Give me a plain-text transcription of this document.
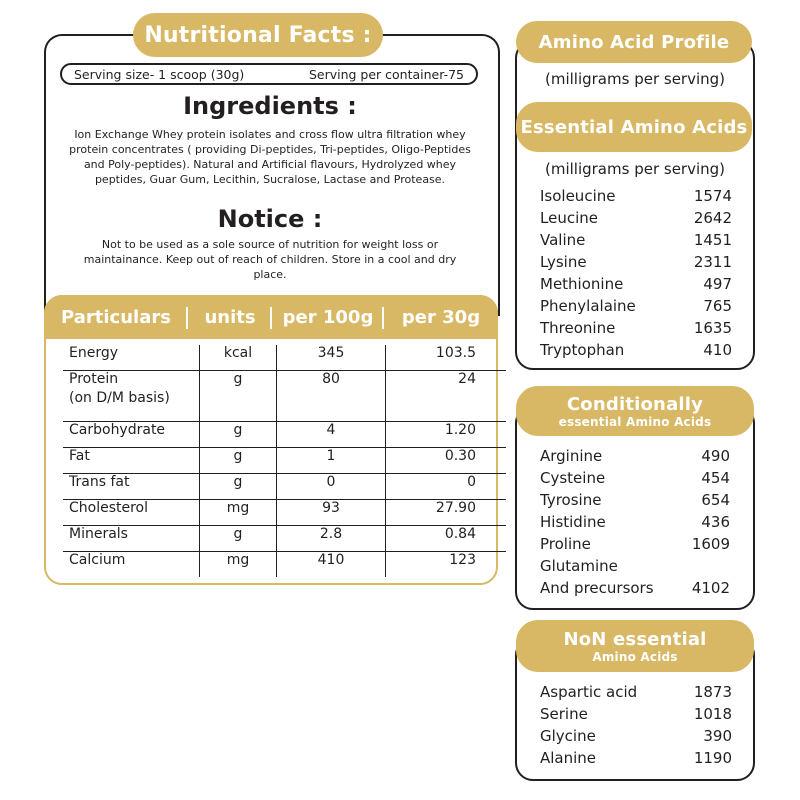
Nutritional Facts :
Serving size- 1 scoop (30g)	Serving per container-75
Ingredients :
Ion Exchange Whey protein isolates and cross flow ultra filtration whey protein concentrates ( providing Di-peptides, Tri-peptides, Oligo-Peptides and Poly-peptides). Natural and Artificial flavours, Hydrolyzed whey peptides, Guar Gum, Lecithin, Sucralose, Lactase and Protease.
Notice :
Not to be used as a sole source of nutrition for weight loss or maintainance. Keep out of reach of children. Store in a cool and dry place.
Particulars units per 100g per 30g
Energy	kcal	345	103.5

Protein
(on D/M basis)	g	80	24
Carbohydrate	g	4	1.20
Fat	g	1	0.30
Trans fat	g	0	0
Cholesterol	mg	93	27.90
Minerals	g	2.8	0.84
Calcium	mg	410	123
Amino Acid Profile
(milligrams per serving)
Essential Amino Acids
(milligrams per serving)
Isoleucine	1574
Leucine	2642
Valine	1451
Lysine	2311
Methionine	497
Phenylalaine	765
Threonine	1635
Tryptophan	410
Conditionally
essential Amino Acids
Arginine	490
Cysteine	454
Tyrosine	654
Histidine	436
Proline	1609
Glutamine
And precursors	4102
NoN essential
Amino Acids
Aspartic acid	1873
Serine	1018
Glycine	390
Alanine	1190
